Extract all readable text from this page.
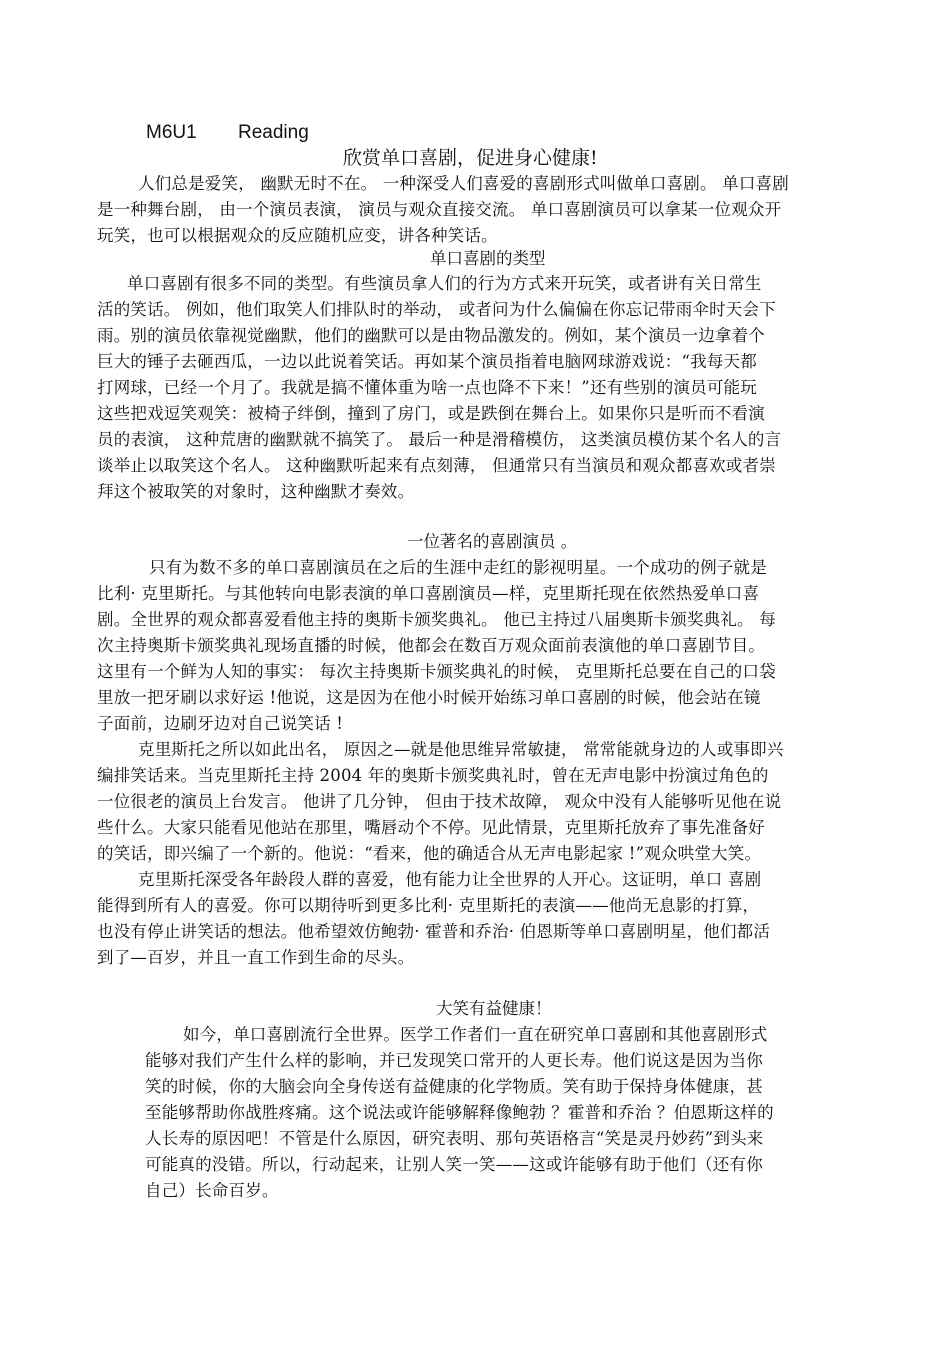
M6U1 Reading
欣赏单口喜剧，促进身心健康!
人们总是爱笑， 幽默无时不在。 一种深受人们喜爱的喜剧形式叫做单口喜剧。 单口喜剧
是一种舞台剧， 由一个演员表演， 演员与观众直接交流。 单口喜剧演员可以拿某一位观众开
玩笑，也可以根据观众的反应随机应变，讲各种笑话。
单口喜剧的类型
单口喜剧有很多不同的类型。有些演员拿人们的行为方式来开玩笑，或者讲有关日常生
活的笑话。 例如，他们取笑人们排队时的举动， 或者问为什么偏偏在你忘记带雨伞时天会下
雨。别的演员依靠视觉幽默，他们的幽默可以是由物品激发的。例如，某个演员一边拿着个
巨大的锤子去砸西瓜，一边以此说着笑话。再如某个演员指着电脑网球游戏说：“我每天都
打网球，已经一个月了。我就是搞不懂体重为啥一点也降不下来！”还有些别的演员可能玩
这些把戏逗笑观笑：被椅子绊倒，撞到了房门，或是跌倒在舞台上。如果你只是听而不看演
员的表演， 这种荒唐的幽默就不搞笑了。 最后一种是滑稽模仿， 这类演员模仿某个名人的言
谈举止以取笑这个名人。 这种幽默听起来有点刻薄， 但通常只有当演员和观众都喜欢或者崇
拜这个被取笑的对象时，这种幽默才奏效。
一位著名的喜剧演员 。
只有为数不多的单口喜剧演员在之后的生涯中走红的影视明星。一个成功的例子就是
比利· 克里斯托。与其他转向电影表演的单口喜剧演员—样，克里斯托现在依然热爱单口喜
剧。全世界的观众都喜爱看他主持的奥斯卡颁奖典礼。 他已主持过八届奥斯卡颁奖典礼。 每
次主持奥斯卡颁奖典礼现场直播的时候，他都会在数百万观众面前表演他的单口喜剧节目。
这里有一个鲜为人知的事实： 每次主持奥斯卡颁奖典礼的时候， 克里斯托总要在自己的口袋
里放一把牙刷以求好运 !他说，这是因为在他小时候开始练习单口喜剧的时候，他会站在镜
子面前，边刷牙边对自己说笑话 !
克里斯托之所以如此出名， 原因之—就是他思维异常敏捷， 常常能就身边的人或事即兴
编排笑话来。当克里斯托主持 2004 年的奥斯卡颁奖典礼时，曾在无声电影中扮演过角色的
一位很老的演员上台发言。 他讲了几分钟， 但由于技术故障， 观众中没有人能够听见他在说
些什么。大家只能看见他站在那里，嘴唇动个不停。见此情景，克里斯托放弃了事先准备好
的笑话，即兴编了一个新的。他说：“看来，他的确适合从无声电影起家 !”观众哄堂大笑。
克里斯托深受各年龄段人群的喜爱，他有能力让全世界的人开心。这证明，单口 喜剧
能得到所有人的喜爱。你可以期待听到更多比利· 克里斯托的表演——他尚无息影的打算，
也没有停止讲笑话的想法。他希望效仿鲍勃· 霍普和乔治· 伯恩斯等单口喜剧明星，他们都活
到了—百岁，并且一直工作到生命的尽头。
大笑有益健康！
如今，单口喜剧流行全世界。医学工作者们一直在研究单口喜剧和其他喜剧形式
能够对我们产生什么样的影响，并已发现笑口常开的人更长寿。他们说这是因为当你
笑的时候，你的大脑会向全身传送有益健康的化学物质。笑有助于保持身体健康，甚
至能够帮助你战胜疼痛。这个说法或许能够解释像鲍勃 ？霍普和乔治 ？伯恩斯这样的
人长寿的原因吧！不管是什么原因，研究表明、那句英语格言“笑是灵丹妙药”到头来
可能真的没错。所以，行动起来，让别人笑一笑——这或许能够有助于他们（还有你
自己）长命百岁。
